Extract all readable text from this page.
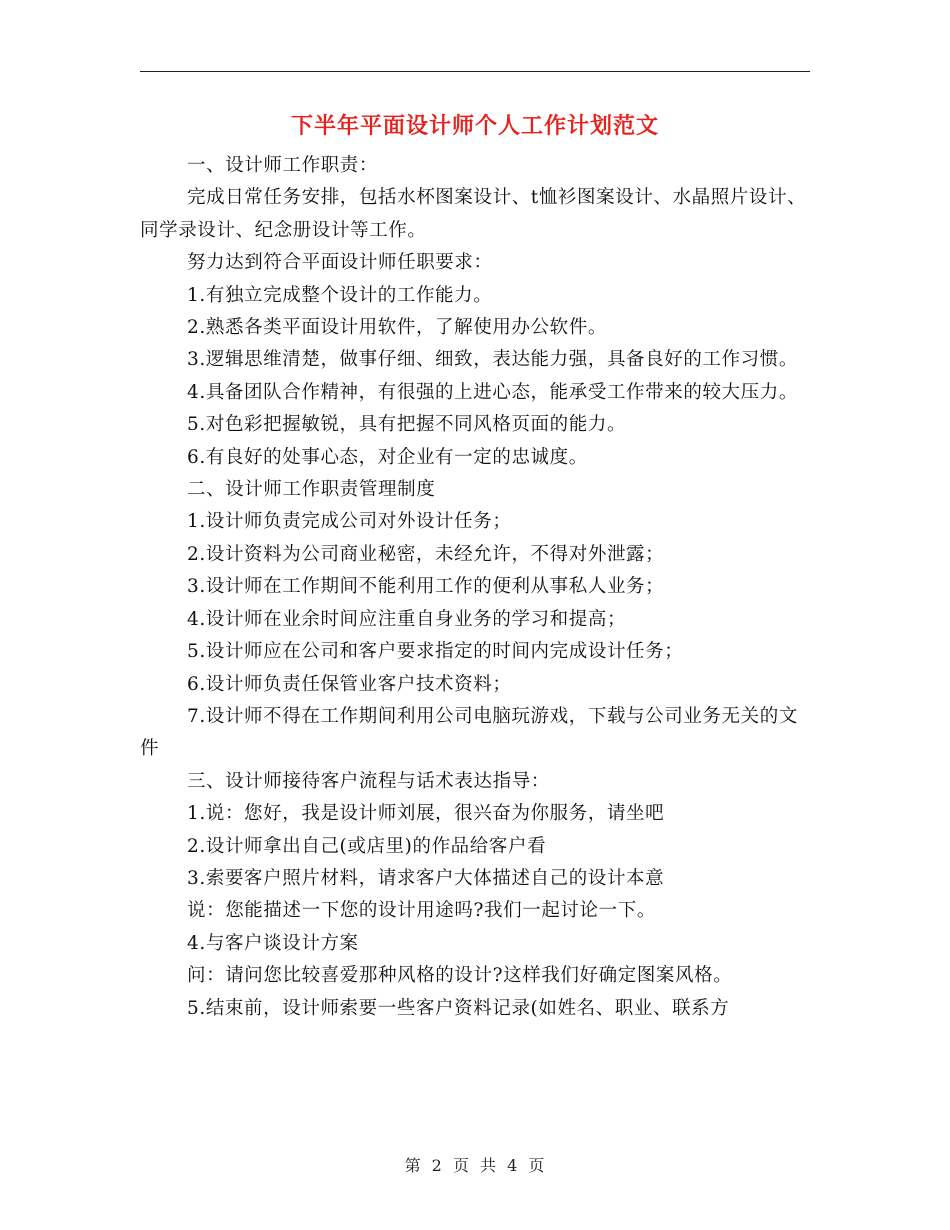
下半年平面设计师个人工作计划范文

一、设计师工作职责：

完成日常任务安排，包括水杯图案设计、t恤衫图案设计、水晶照片设计、同学录设计、纪念册设计等工作。

努力达到符合平面设计师任职要求：

1.有独立完成整个设计的工作能力。

2.熟悉各类平面设计用软件，了解使用办公软件。

3.逻辑思维清楚，做事仔细、细致，表达能力强，具备良好的工作习惯。

4.具备团队合作精神，有很强的上进心态，能承受工作带来的较大压力。

5.对色彩把握敏锐，具有把握不同风格页面的能力。

6.有良好的处事心态，对企业有一定的忠诚度。

二、设计师工作职责管理制度

1.设计师负责完成公司对外设计任务；

2.设计资料为公司商业秘密，未经允许，不得对外泄露；

3.设计师在工作期间不能利用工作的便利从事私人业务；

4.设计师在业余时间应注重自身业务的学习和提高；

5.设计师应在公司和客户要求指定的时间内完成设计任务；

6.设计师负责任保管业客户技术资料；

7.设计师不得在工作期间利用公司电脑玩游戏，下载与公司业务无关的文件

三、设计师接待客户流程与话术表达指导：

1.说：您好，我是设计师刘展，很兴奋为你服务，请坐吧

2.设计师拿出自己(或店里)的作品给客户看

3.索要客户照片材料，请求客户大体描述自己的设计本意

说：您能描述一下您的设计用途吗?我们一起讨论一下。

4.与客户谈设计方案

问：请问您比较喜爱那种风格的设计?这样我们好确定图案风格。

5.结束前，设计师索要一些客户资料记录(如姓名、职业、联系方

第 2 页 共 4 页
